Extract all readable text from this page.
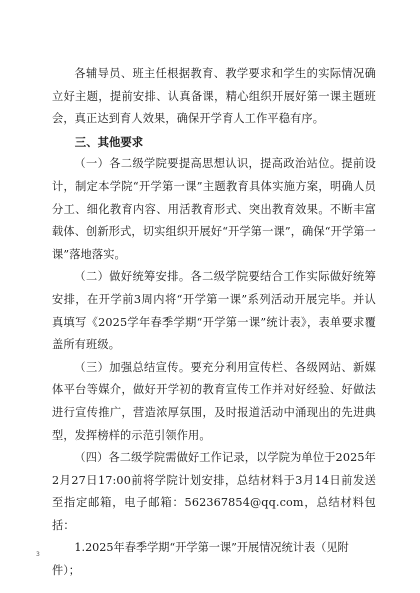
各辅导员、班主任根据教育、教学要求和学生的实际情况确立好主题，提前安排、认真备课，精心组织开展好第一课主题班会，真正达到育人效果，确保开学育人工作平稳有序。

三、其他要求

（一）各二级学院要提高思想认识，提高政治站位。提前设计，制定本学院“开学第一课”主题教育具体实施方案，明确人员分工、细化教育内容、用活教育形式、突出教育效果。不断丰富载体、创新形式，切实组织开展好“开学第一课”，确保“开学第一课”落地落实。

（二）做好统筹安排。各二级学院要结合工作实际做好统筹安排，在开学前3周内将“开学第一课”系列活动开展完毕。并认真填写《2025学年春季学期“开学第一课”统计表》，表单要求覆盖所有班级。

（三）加强总结宣传。要充分利用宣传栏、各级网站、新媒体平台等媒介，做好开学初的教育宣传工作并对好经验、好做法进行宣传推广，营造浓厚氛围，及时报道活动中涌现出的先进典型，发挥榜样的示范引领作用。

（四）各二级学院需做好工作记录，以学院为单位于2025年2月27日17:00前将学院计划安排，总结材料于3月14日前发送至指定邮箱，电子邮箱：562367854@qq.com，总结材料包括：

1.2025年春季学期“开学第一课”开展情况统计表（见附件）；

3
